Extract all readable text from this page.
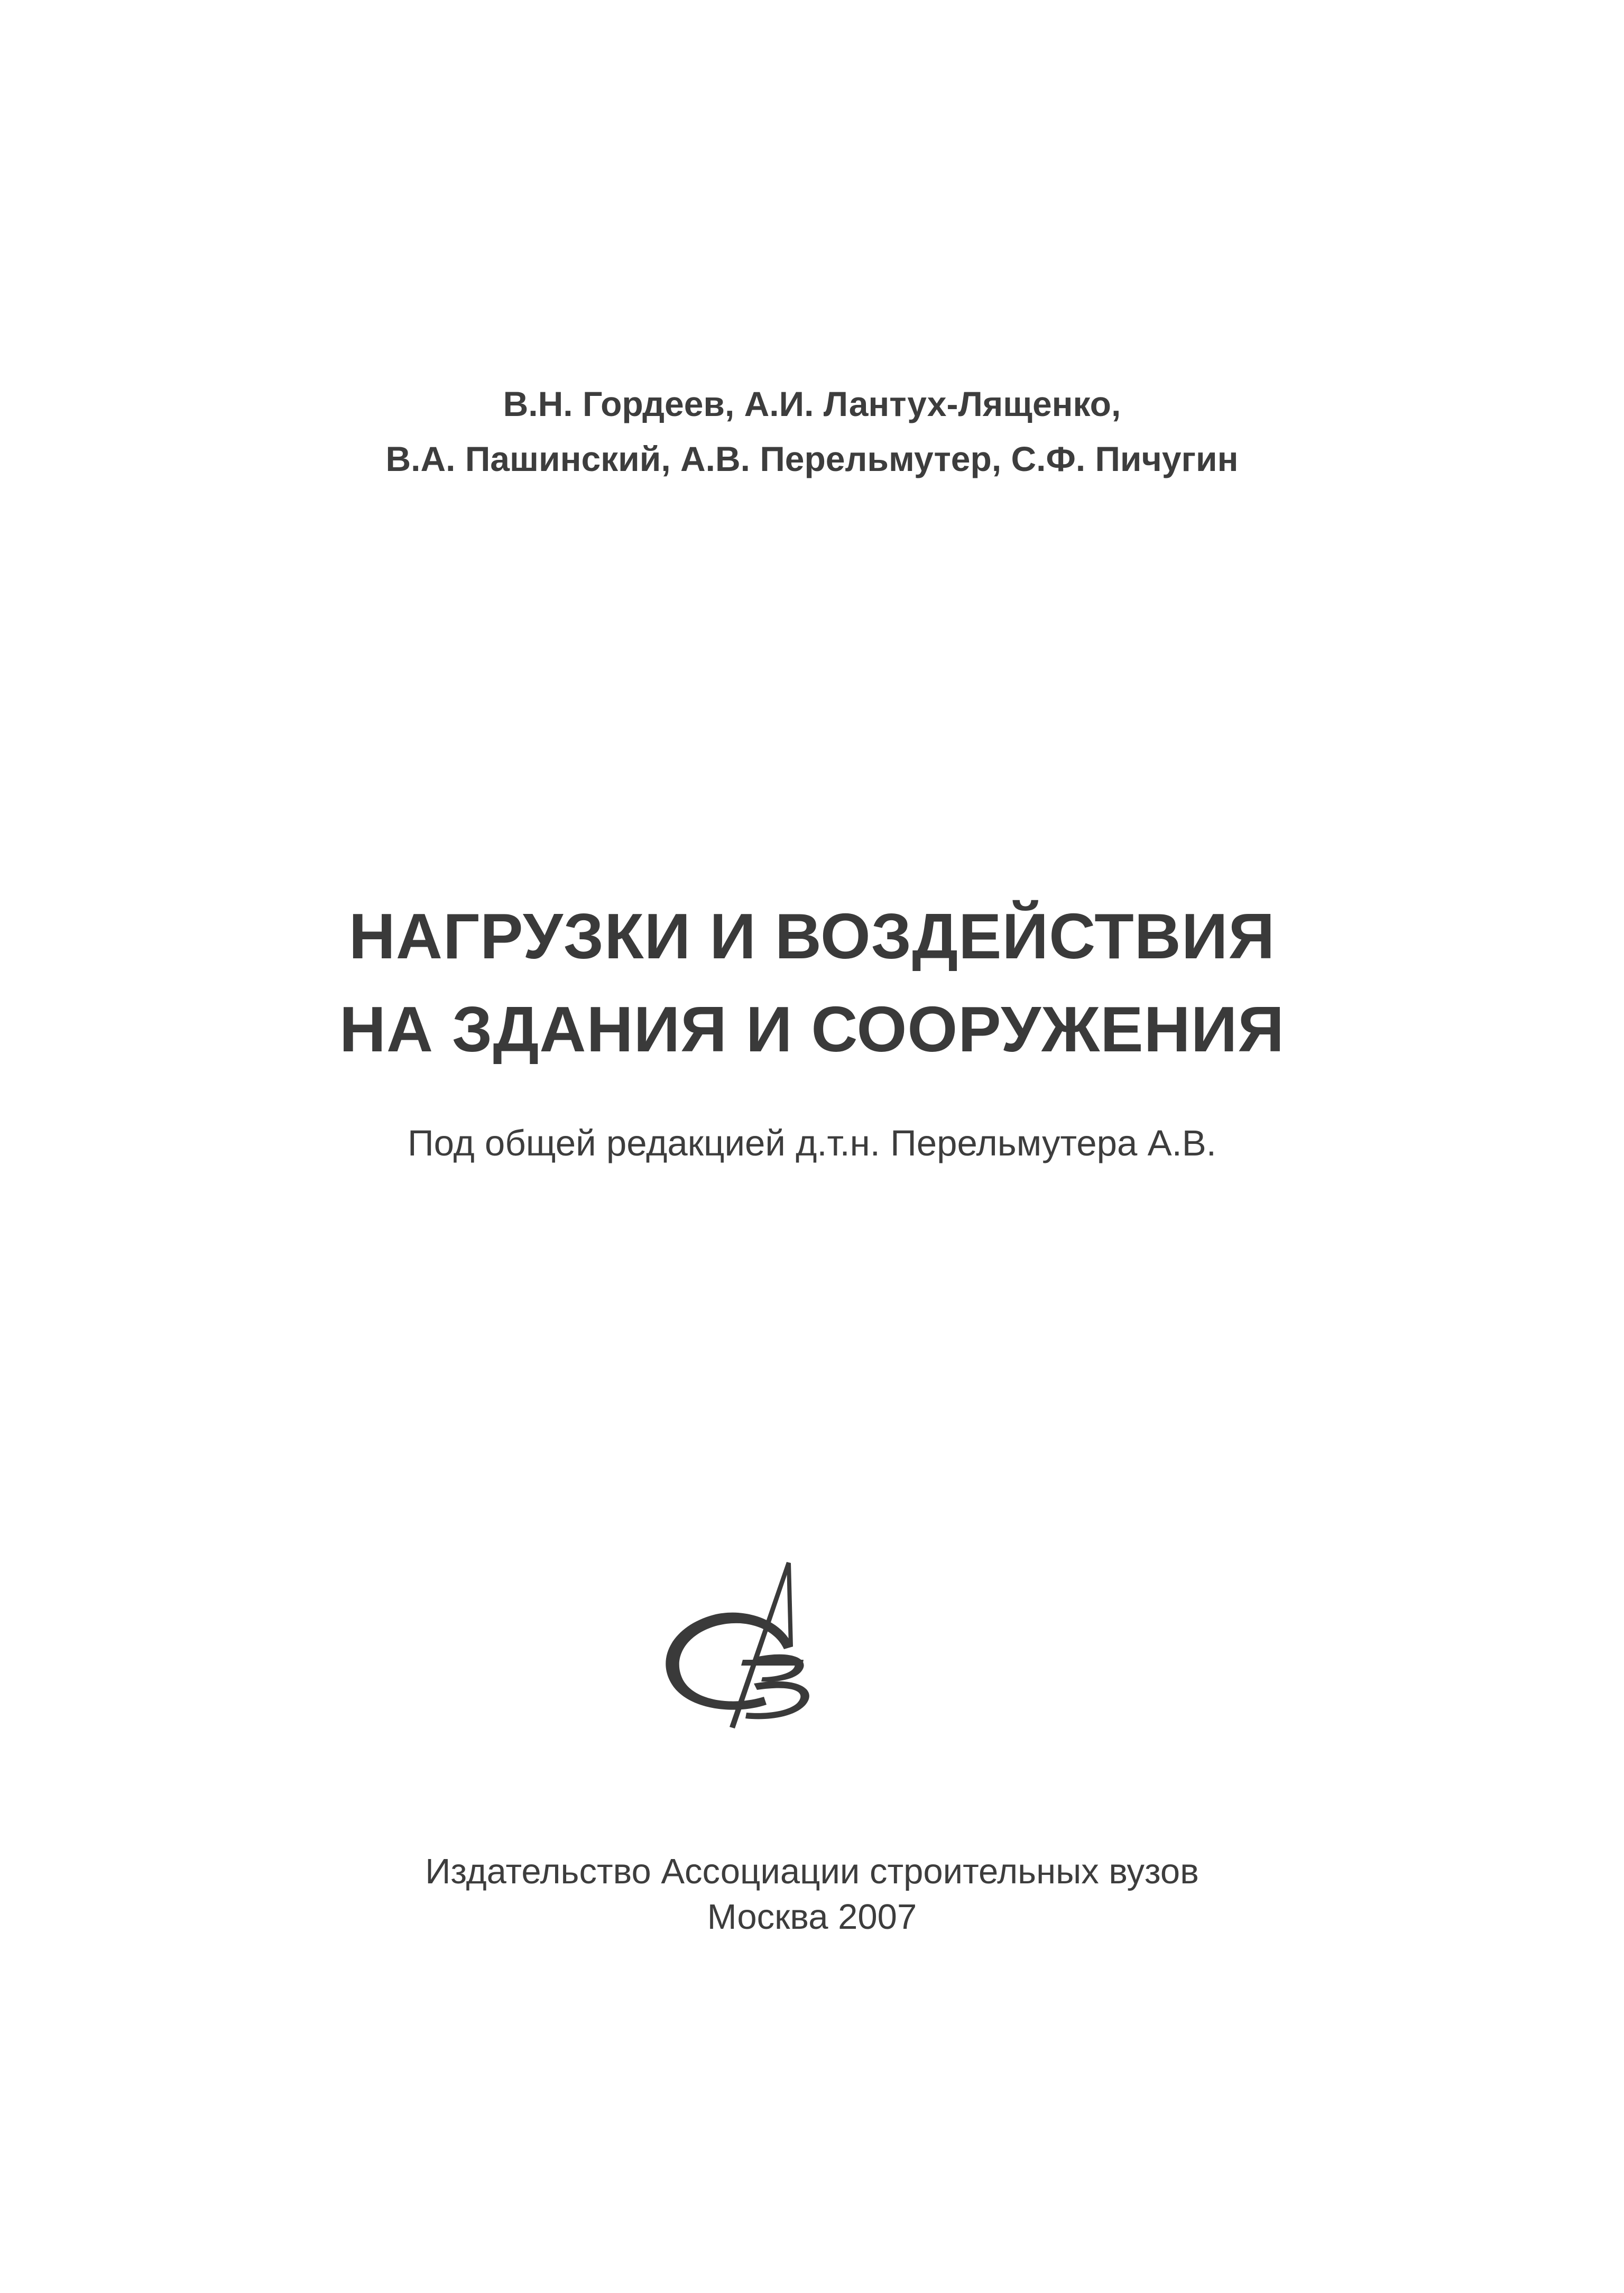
В.Н. Гордеев, А.И. Лантух-Лященко,
В.А. Пашинский, А.В. Перельмутер, С.Ф. Пичугин
НАГРУЗКИ И ВОЗДЕЙСТВИЯ
НА ЗДАНИЯ И СООРУЖЕНИЯ
Под общей редакцией д.т.н. Перельмутера А.В.
Издательство Ассоциации строительных вузов
Москва 2007
